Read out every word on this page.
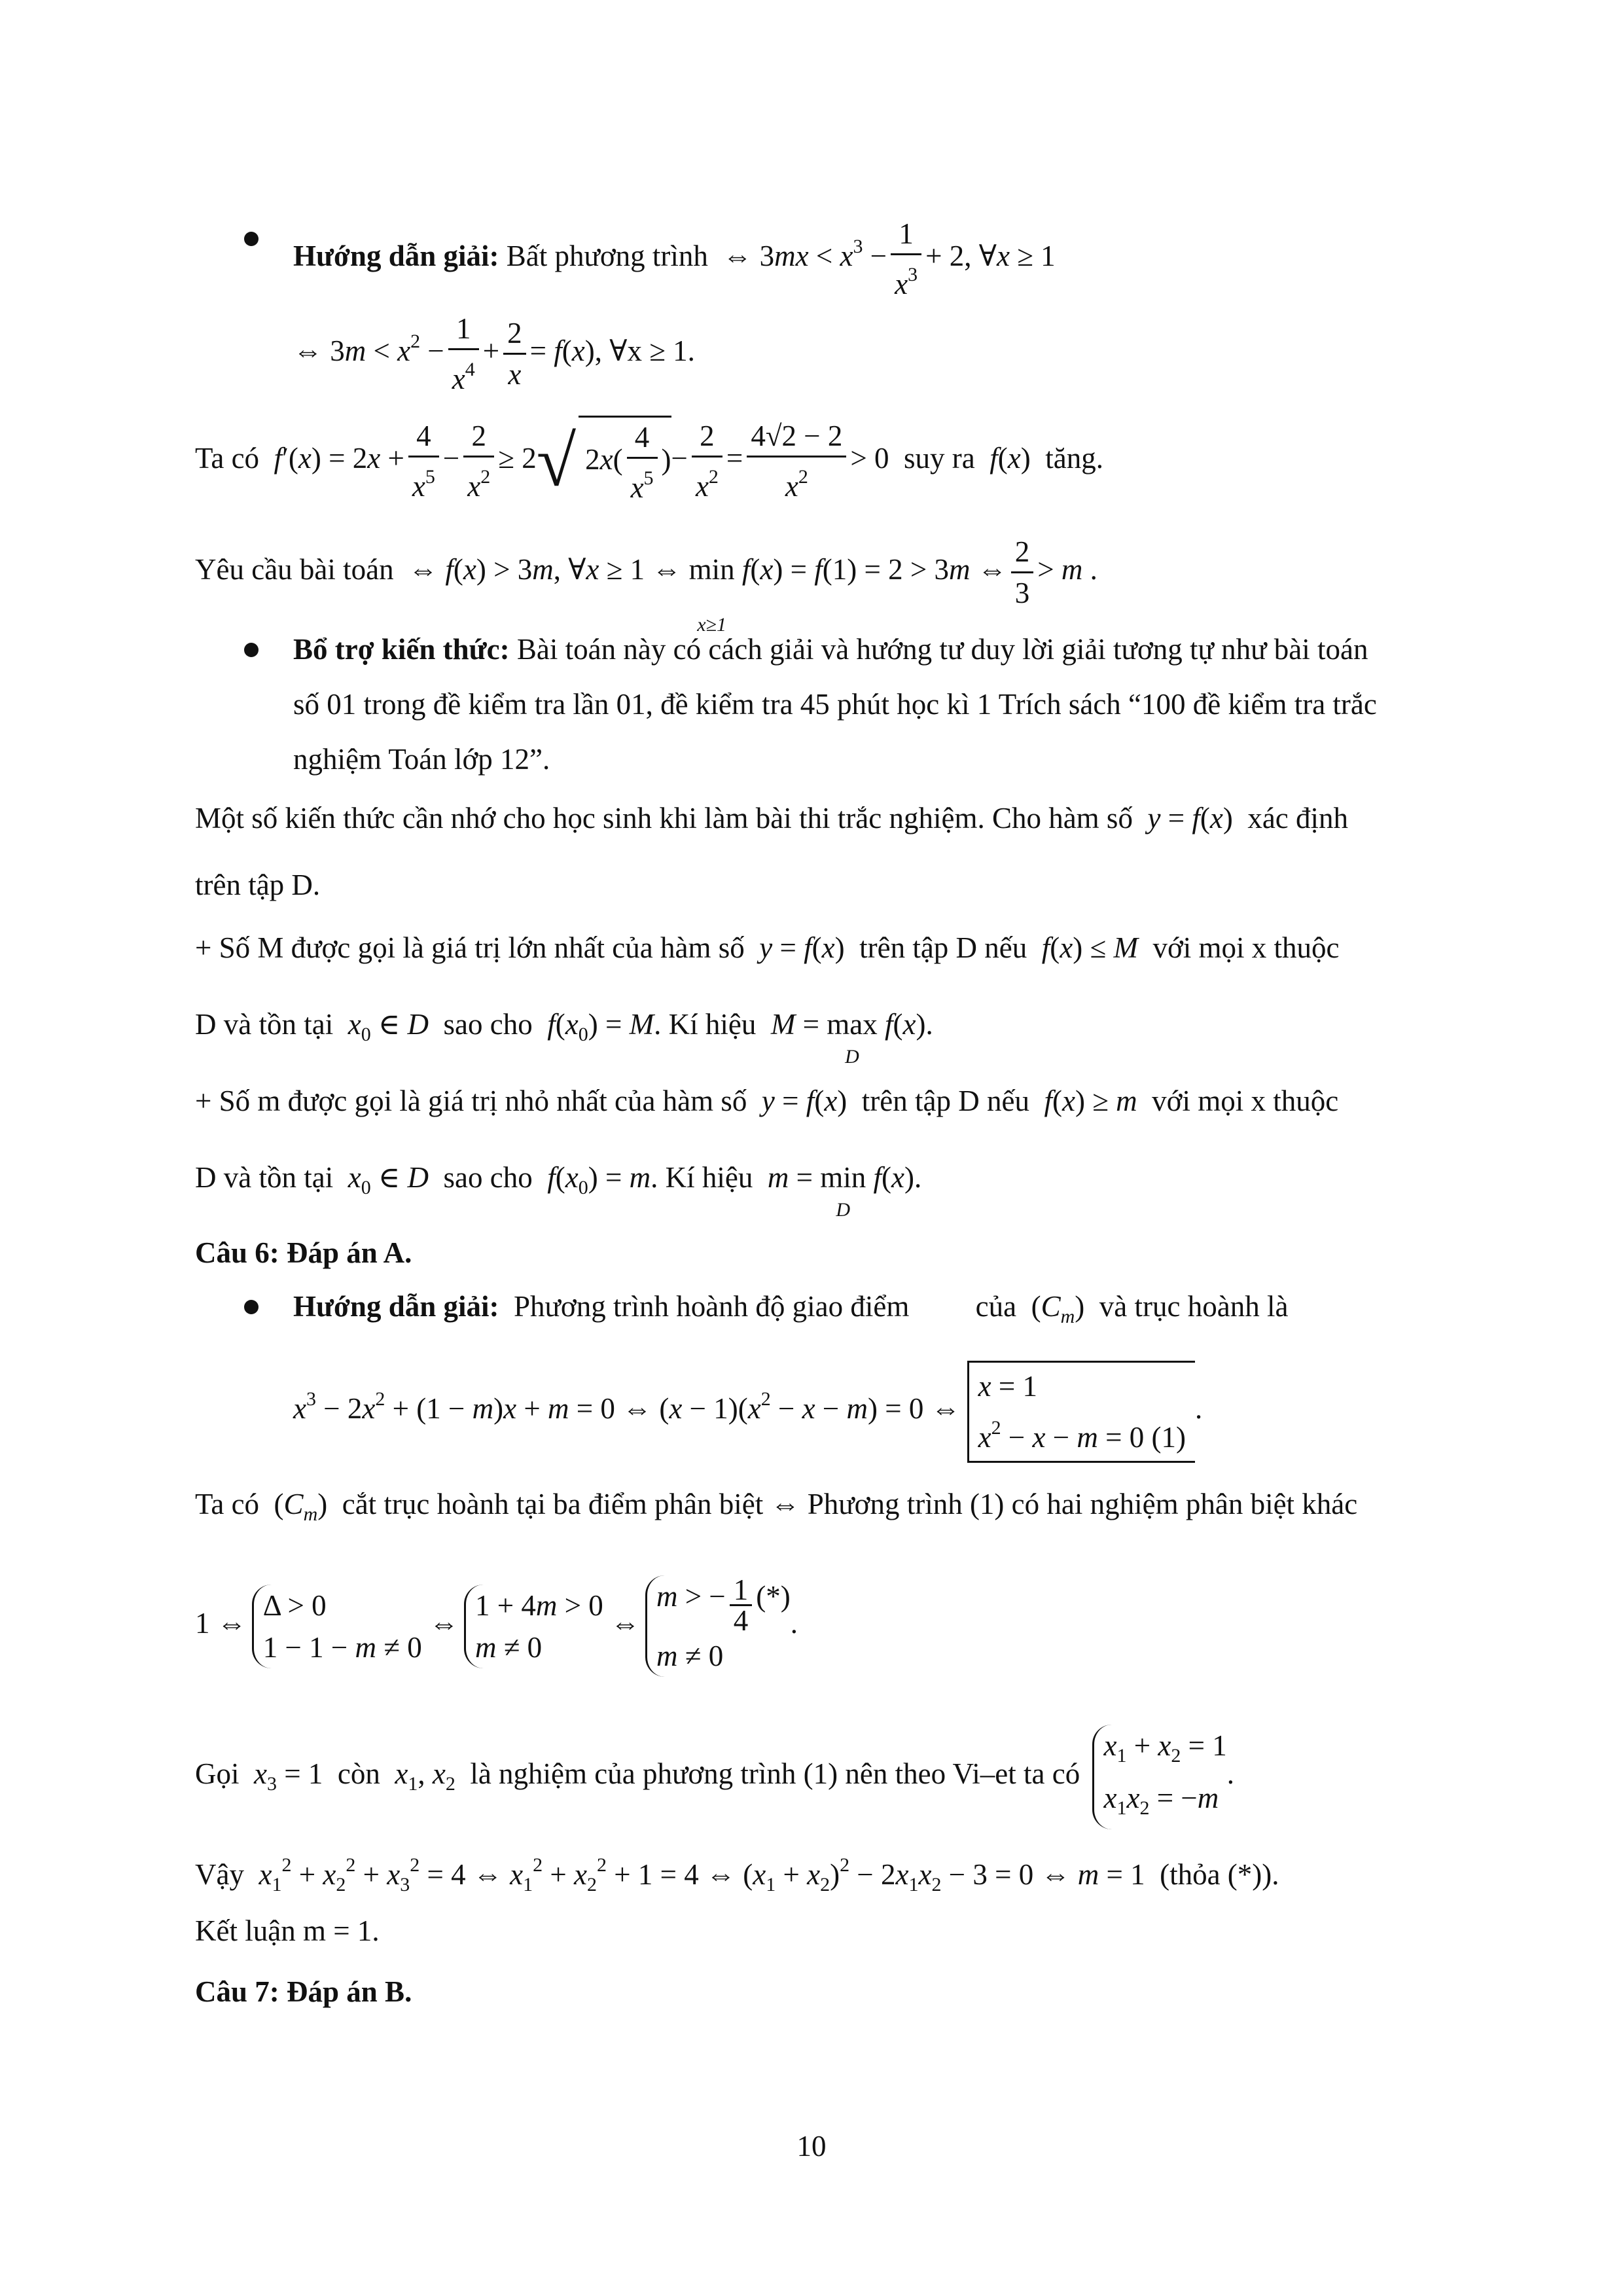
Hướng dẫn giải: Bất phương trình  ⇔ $3mx < x^3 - \frac{1}{x^3} + 2$, ∀x ≥ 1
⇔ $3m < x^2 - \frac{1}{x^4} + \frac{2}{x} = f(x)$, ∀x ≥ 1.
Ta có $f'(x) = 2x + \frac{4}{x^5} - \frac{2}{x^2} \ge 2√$ $2x( \frac{4}{x^5}$ )− $\frac{2}{x^2} = \frac{4√2 - 2}{x^2} > 0$  suy ra f(x)  tăng.
Yêu cầu bài toán  ⇔ f(x) > 3m, ∀x ≥ 1 ⇔ min
x≥1
f(x) = f(1) = 2 > 3m ⇔ $\frac{2}{3} > m$ .
Bổ trợ kiến thức: Bài toán này có cách giải và hướng tư duy lời giải tương tự như bài toán
số 01 trong đề kiểm tra lần 01, đề kiểm tra 45 phút học kì 1 Trích sách “100 đề kiểm tra trắc
nghiệm Toán lớp 12”.
Một số kiến thức cần nhớ cho học sinh khi làm bài thi trắc nghiệm. Cho hàm số y = f(x)  xác định
trên tập D.
+ Số M được gọi là giá trị lớn nhất của hàm số y = f(x)  trên tập D nếu f(x) ≤ M với mọi x thuộc
D và tồn tại $x_0$ ∈ D sao cho $f(x_0) = M$. Kí hiệu M = max
D
f(x).
+ Số m được gọi là giá trị nhỏ nhất của hàm số y = f(x)  trên tập D nếu f(x) ≥ m với mọi x thuộc
D và tồn tại $x_0$ ∈ D sao cho $f(x_0) = m$. Kí hiệu m = min
D
f(x).
Câu 6: Đáp án A.
Hướng dẫn giải: Phương trình hoành độ giao điểm của  $(C_m)$  và trục hoành là
$x^3 - 2x^2 + (1 - m)x + m = 0$ ⇔ $(x - 1)(x^2 - x - m) = 0$ ⇔
x = 1
$x^2 - x - m = 0$ (1)
.
Ta có  $(C_m)$  cắt trục hoành tại ba điểm phân biệt ⇔ Phương trình (1) có hai nghiệm phân biệt khác
1 ⇔
Δ > 0
1 − 1 − m ≠ 0
⇔
1 + 4m > 0
m ≠ 0
⇔
m > − $\frac{1}{4}$ (*)
m ≠ 0
.
Gọi $x_3 = 1$  còn $x_1$, $x_2$ là nghiệm của phương trình (1) nên theo Vi–et ta có
$x_1 + x_2 = 1$
$x_1x_2 = -m$
.
Vậy $x_1^2 + x_2^2 + x_3^2 = 4$ ⇔ $x_1^2 + x_2^2 + 1 = 4$ ⇔ $(x_1 + x_2)^2 - 2x_1x_2 - 3 = 0$ ⇔ m = 1  (thỏa (*)).
Kết luận m = 1.
Câu 7: Đáp án B.
10
